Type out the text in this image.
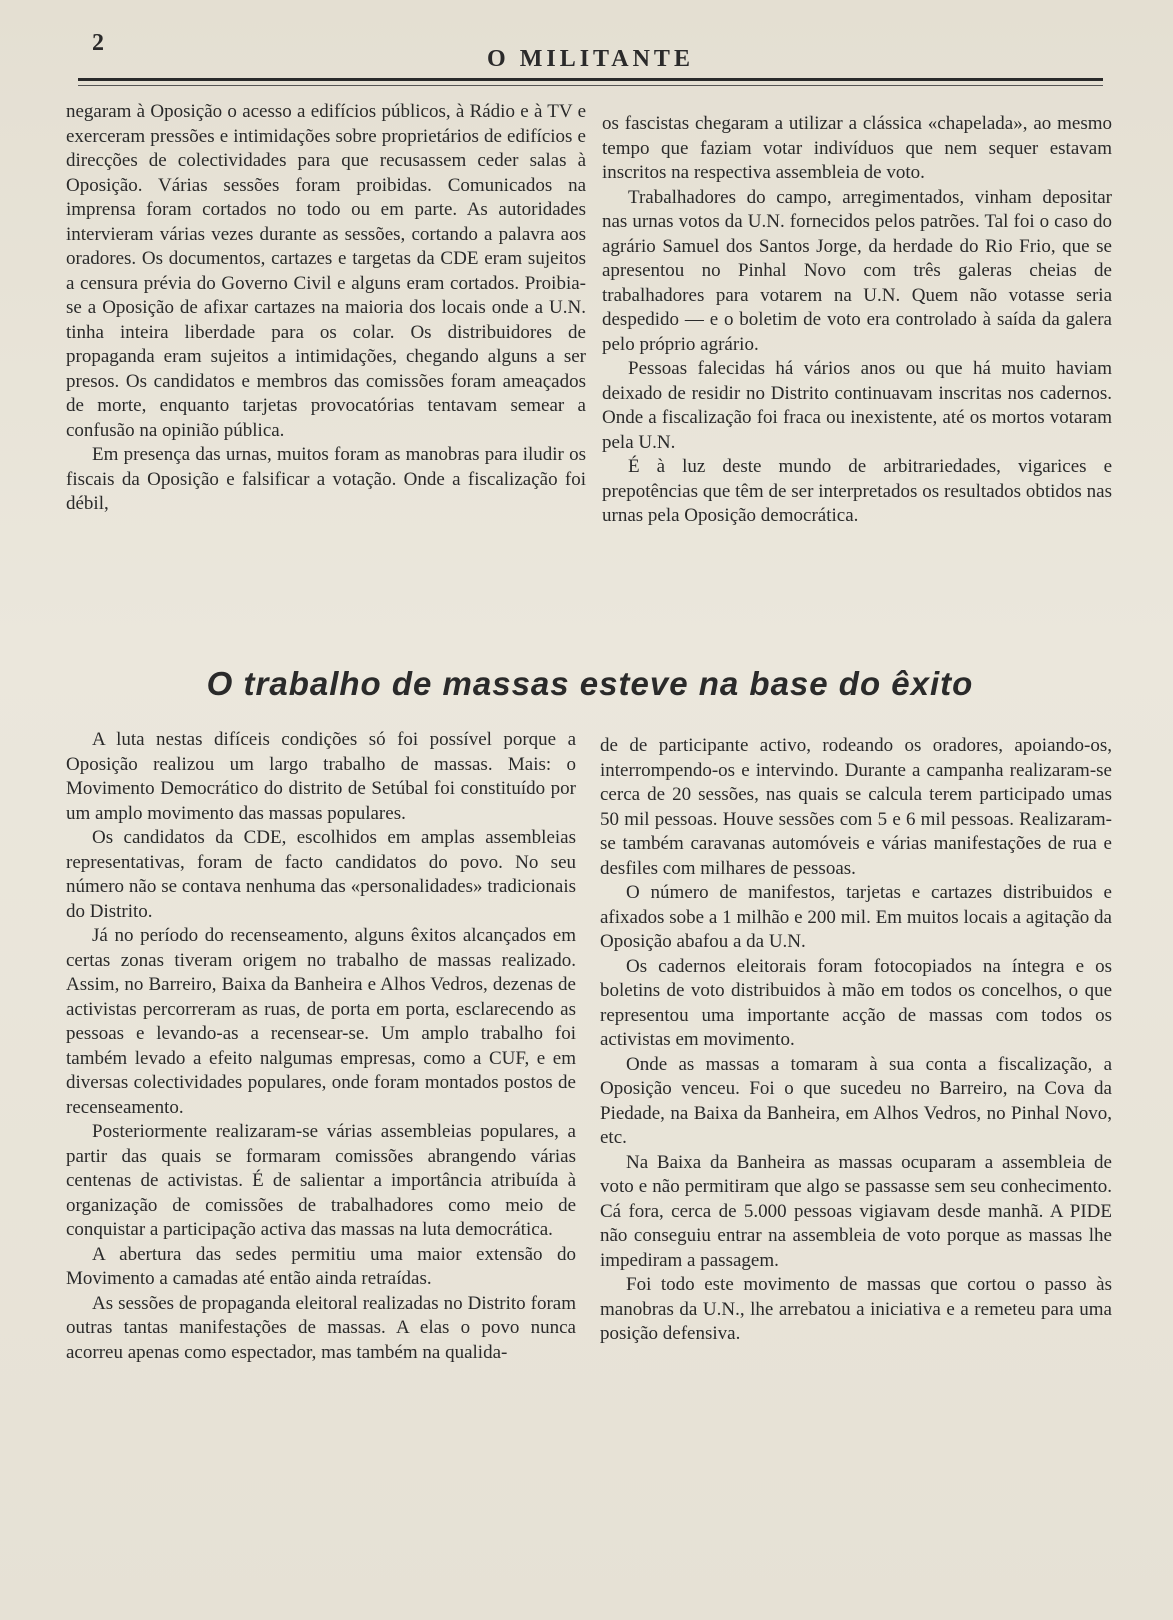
2
O MILITANTE

negaram à Oposição o acesso a edifícios públicos, à Rádio e à TV e exerceram pressões e intimidações sobre proprietários de edifícios e direcções de colectividades para que recusassem ceder salas à Oposição. Várias sessões foram proibidas. Comunicados na imprensa foram cortados no todo ou em parte. As autoridades intervieram várias vezes durante as sessões, cortando a palavra aos oradores. Os documentos, cartazes e targetas da CDE eram sujeitos a censura prévia do Governo Civil e alguns eram cortados. Proibia-se a Oposição de afixar cartazes na maioria dos locais onde a U.N. tinha inteira liberdade para os colar. Os distribuidores de propaganda eram sujeitos a intimidações, chegando alguns a ser presos. Os candidatos e membros das comissões foram ameaçados de morte, enquanto tarjetas provocatórias tentavam semear a confusão na opinião pública.

Em presença das urnas, muitos foram as manobras para iludir os fiscais da Oposição e falsificar a votação. Onde a fiscalização foi débil,

os fascistas chegaram a utilizar a clássica «chapelada», ao mesmo tempo que faziam votar indivíduos que nem sequer estavam inscritos na respectiva assembleia de voto.

Trabalhadores do campo, arregimentados, vinham depositar nas urnas votos da U.N. fornecidos pelos patrões. Tal foi o caso do agrário Samuel dos Santos Jorge, da herdade do Rio Frio, que se apresentou no Pinhal Novo com três galeras cheias de trabalhadores para votarem na U.N. Quem não votasse seria despedido — e o boletim de voto era controlado à saída da galera pelo próprio agrário.

Pessoas falecidas há vários anos ou que há muito haviam deixado de residir no Distrito continuavam inscritas nos cadernos. Onde a fiscalização foi fraca ou inexistente, até os mortos votaram pela U.N.

É à luz deste mundo de arbitrariedades, vigarices e prepotências que têm de ser interpretados os resultados obtidos nas urnas pela Oposição democrática.

O trabalho de massas esteve na base do êxito

A luta nestas difíceis condições só foi possível porque a Oposição realizou um largo trabalho de massas. Mais: o Movimento Democrático do distrito de Setúbal foi constituído por um amplo movimento das massas populares.

Os candidatos da CDE, escolhidos em amplas assembleias representativas, foram de facto candidatos do povo. No seu número não se contava nenhuma das «personalidades» tradicionais do Distrito.

Já no período do recenseamento, alguns êxitos alcançados em certas zonas tiveram origem no trabalho de massas realizado. Assim, no Barreiro, Baixa da Banheira e Alhos Vedros, dezenas de activistas percorreram as ruas, de porta em porta, esclarecendo as pessoas e levando-as a recensear-se. Um amplo trabalho foi também levado a efeito nalgumas empresas, como a CUF, e em diversas colectividades populares, onde foram montados postos de recenseamento.

Posteriormente realizaram-se várias assembleias populares, a partir das quais se formaram comissões abrangendo várias centenas de activistas. É de salientar a importância atribuída à organização de comissões de trabalhadores como meio de conquistar a participação activa das massas na luta democrática.

A abertura das sedes permitiu uma maior extensão do Movimento a camadas até então ainda retraídas.

As sessões de propaganda eleitoral realizadas no Distrito foram outras tantas manifestações de massas. A elas o povo nunca acorreu apenas como espectador, mas também na qualida-

de de participante activo, rodeando os oradores, apoiando-os, interrompendo-os e intervindo. Durante a campanha realizaram-se cerca de 20 sessões, nas quais se calcula terem participado umas 50 mil pessoas. Houve sessões com 5 e 6 mil pessoas. Realizaram-se também caravanas automóveis e várias manifestações de rua e desfiles com milhares de pessoas.

O número de manifestos, tarjetas e cartazes distribuidos e afixados sobe a 1 milhão e 200 mil. Em muitos locais a agitação da Oposição abafou a da U.N.

Os cadernos eleitorais foram fotocopiados na íntegra e os boletins de voto distribuidos à mão em todos os concelhos, o que representou uma importante acção de massas com todos os activistas em movimento.

Onde as massas a tomaram à sua conta a fiscalização, a Oposição venceu. Foi o que sucedeu no Barreiro, na Cova da Piedade, na Baixa da Banheira, em Alhos Vedros, no Pinhal Novo, etc.

Na Baixa da Banheira as massas ocuparam a assembleia de voto e não permitiram que algo se passasse sem seu conhecimento. Cá fora, cerca de 5.000 pessoas vigiavam desde manhã. A PIDE não conseguiu entrar na assembleia de voto porque as massas lhe impediram a passagem.

Foi todo este movimento de massas que cortou o passo às manobras da U.N., lhe arrebatou a iniciativa e a remeteu para uma posição defensiva.
